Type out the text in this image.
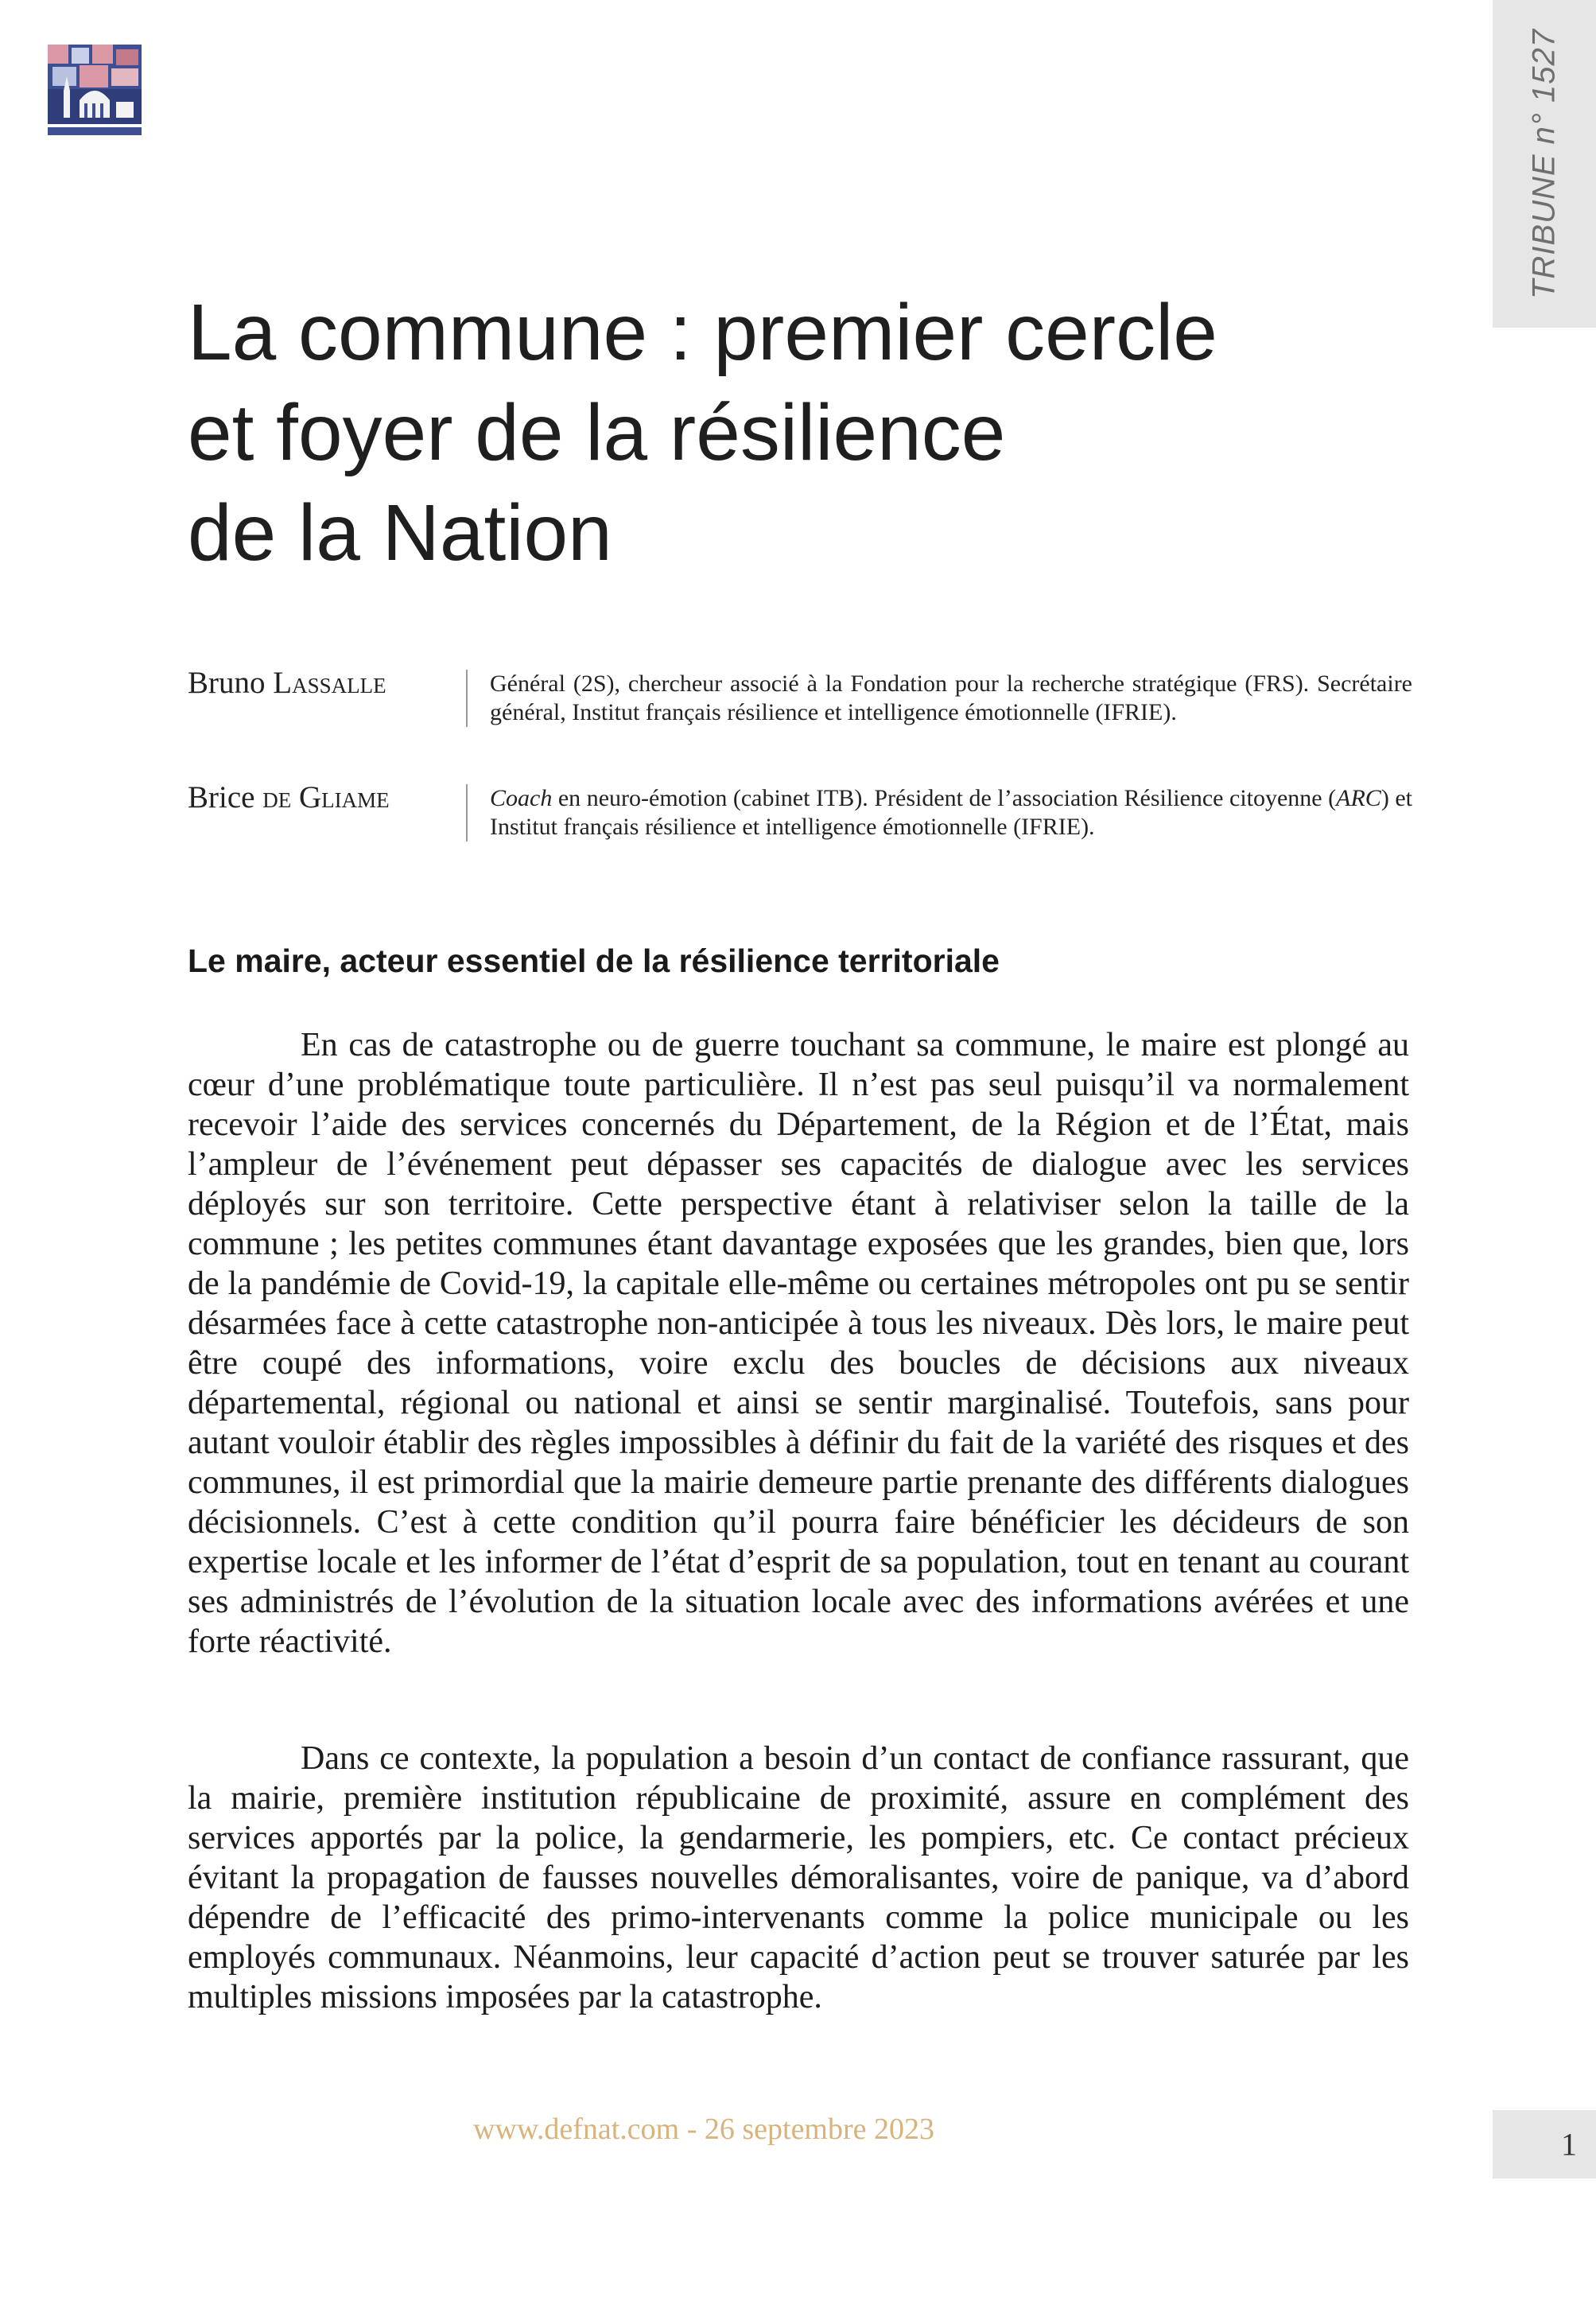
TRIBUNE n° 1527
La commune : premier cercle
et foyer de la résilience
de la Nation
Bruno Lassalle	Général (2S), chercheur associé à la Fondation pour la recherche stratégique (FRS). Secrétaire général, Institut français résilience et intelligence émotionnelle (IFRIE).
Brice de Gliame	Coach en neuro-émotion (cabinet ITB). Président de l’association Résilience citoyenne (ARC) et Institut français résilience et intelligence émotionnelle (IFRIE).
Le maire, acteur essentiel de la résilience territoriale

En cas de catastrophe ou de guerre touchant sa commune, le maire est plongé au cœur d’une problématique toute particulière. Il n’est pas seul puisqu’il va normalement recevoir l’aide des services concernés du Département, de la Région et de l’État, mais l’ampleur de l’événement peut dépasser ses capacités de dialogue avec les services déployés sur son territoire. Cette perspective étant à relativiser selon la taille de la commune ; les petites communes étant davantage exposées que les grandes, bien que, lors de la pandémie de Covid-19, la capitale elle-même ou certaines métropoles ont pu se sentir désarmées face à cette catastrophe non-anticipée à tous les niveaux. Dès lors, le maire peut être coupé des informations, voire exclu des boucles de décisions aux niveaux départemental, régional ou national et ainsi se sentir marginalisé. Toutefois, sans pour autant vouloir établir des règles impossibles à définir du fait de la variété des risques et des communes, il est primordial que la mairie demeure partie prenante des différents dialogues décisionnels. C’est à cette condition qu’il pourra faire bénéficier les décideurs de son expertise locale et les informer de l’état d’esprit de sa population, tout en tenant au courant ses administrés de l’évolution de la situation locale avec des informations avérées et une forte réactivité.

Dans ce contexte, la population a besoin d’un contact de confiance rassurant, que la mairie, première institution républicaine de proximité, assure en complément des services apportés par la police, la gendarmerie, les pompiers, etc. Ce contact précieux évitant la propagation de fausses nouvelles démoralisantes, voire de panique, va d’abord dépendre de l’efficacité des primo-intervenants comme la police municipale ou les employés communaux. Néanmoins, leur capacité d’action peut se trouver saturée par les multiples missions imposées par la catastrophe.

www.defnat.com - 26 septembre 2023	1
